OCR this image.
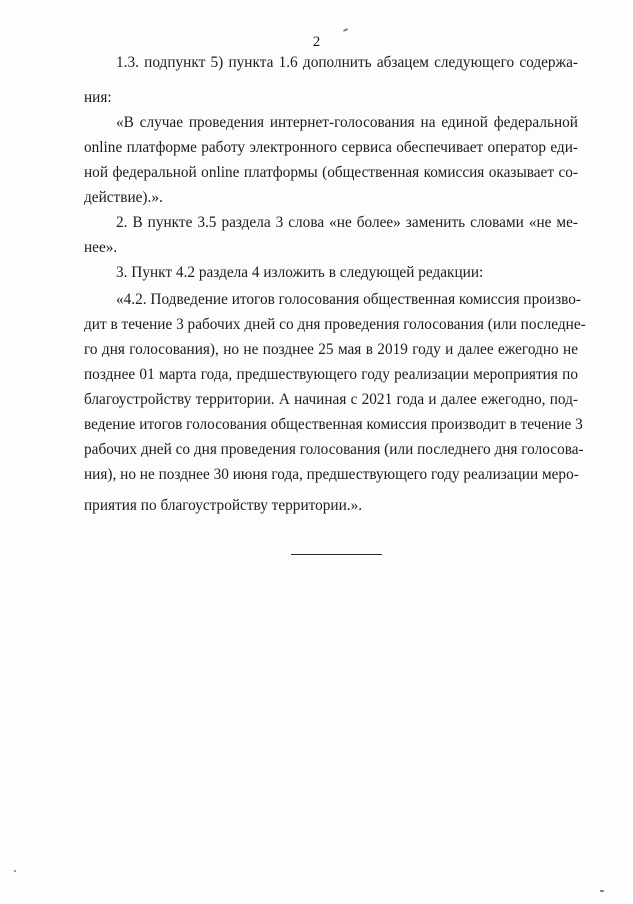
2
1.3. подпункт 5) пункта 1.6 дополнить абзацем следующего содержа-
ния:
«В случае проведения интернет-голосования на единой федеральной
online платформе работу электронного сервиса обеспечивает оператор еди-
ной федеральной online платформы (общественная комиссия оказывает со-
действие).».
2. В пункте 3.5 раздела 3 слова «не более» заменить словами «не ме-
нее».
3. Пункт 4.2 раздела 4 изложить в следующей редакции:
«4.2. Подведение итогов голосования общественная комиссия произво-
дит в течение 3 рабочих дней со дня проведения голосования (или последне-
го дня голосования), но не позднее 25 мая в 2019 году и далее ежегодно не
позднее 01 марта года, предшествующего году реализации мероприятия по
благоустройству территории. А начиная с 2021 года и далее ежегодно, под-
ведение итогов голосования общественная комиссия производит в течение 3
рабочих дней со дня проведения голосования (или последнего дня голосова-
ния), но не позднее 30 июня года, предшествующего году реализации меро-
приятия по благоустройству территории.».
